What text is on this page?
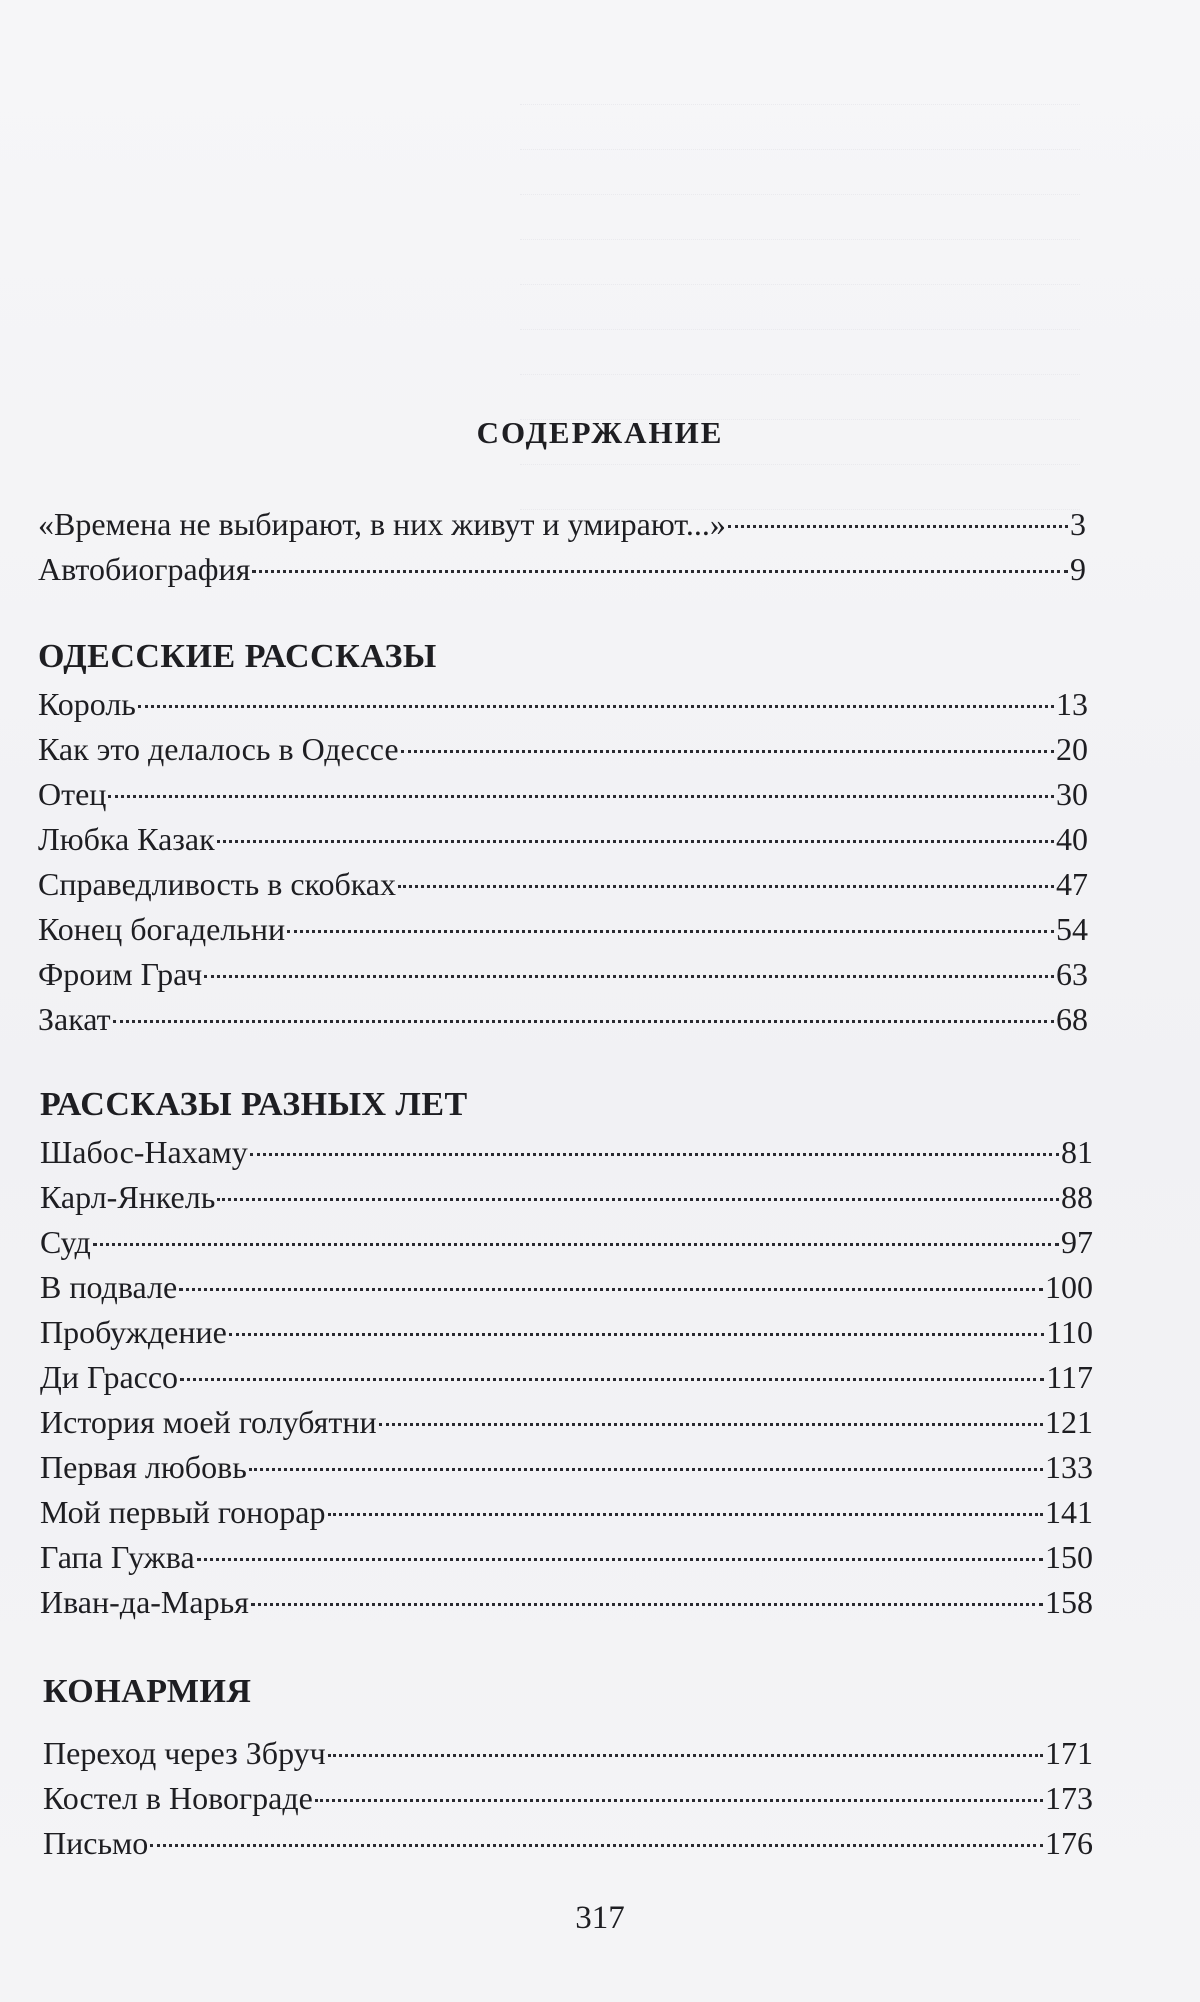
СОДЕРЖАНИЕ
«Времена не выбирают, в них живут и умирают...»	3
Автобиография	9
ОДЕССКИЕ РАССКАЗЫ
Король	13
Как это делалось в Одессе	20
Отец	30
Любка Казак	40
Справедливость в скобках	47
Конец богадельни	54
Фроим Грач	63
Закат	68
РАССКАЗЫ РАЗНЫХ ЛЕТ
Шабос-Нахаму	81
Карл-Янкель	88
Суд	97
В подвале	100
Пробуждение	110
Ди Грассо	117
История моей голубятни	121
Первая любовь	133
Мой первый гонорар	141
Гапа Гужва	150
Иван-да-Марья	158
КОНАРМИЯ
Переход через Збруч	171
Костел в Новограде	173
Письмо	176
317
